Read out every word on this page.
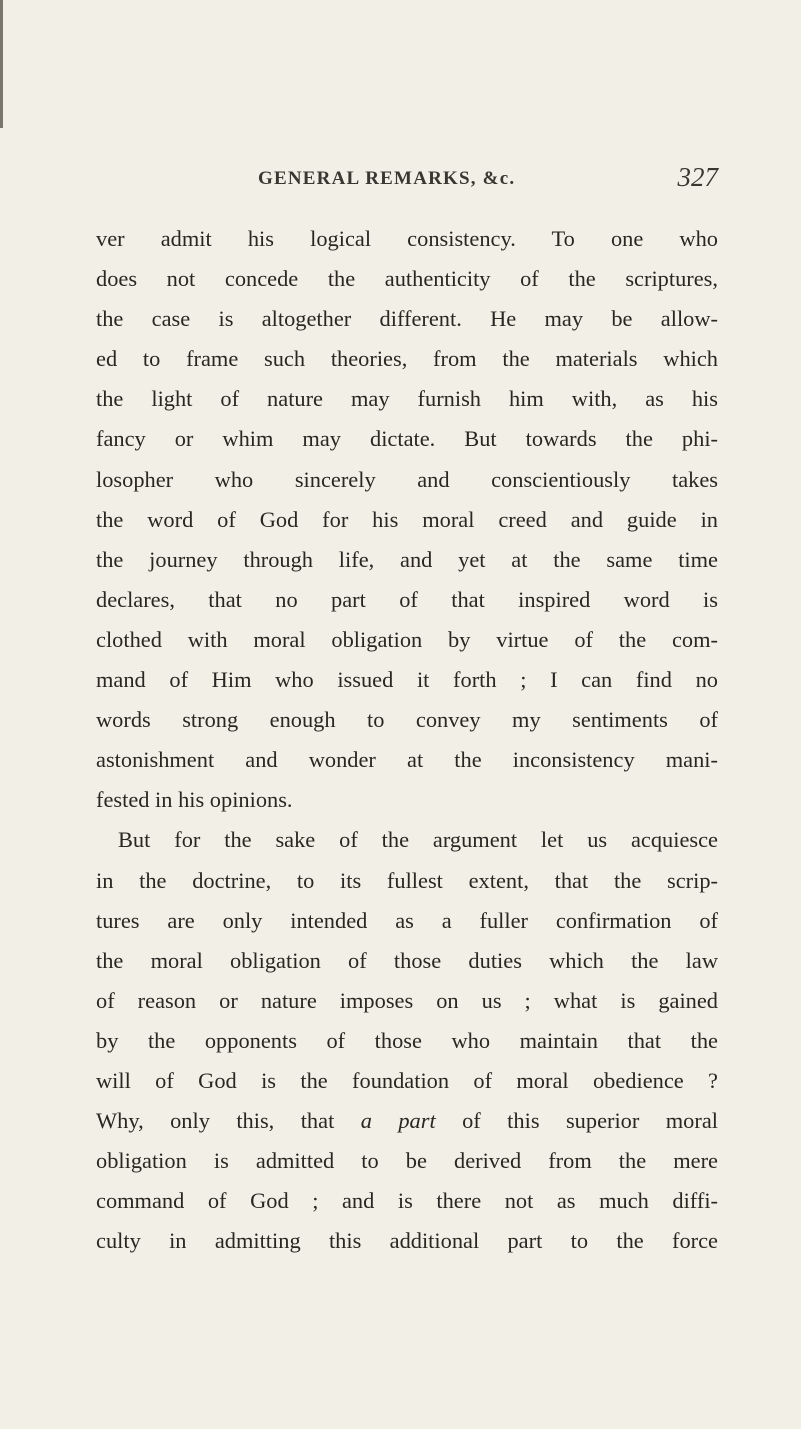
GENERAL REMARKS, &c.	327
ver admit his logical consistency. To one who
does not concede the authenticity of the scriptures,
the case is altogether different. He may be allow-
ed to frame such theories, from the materials which
the light of nature may furnish him with, as his
fancy or whim may dictate. But towards the phi-
losopher who sincerely and conscientiously takes
the word of God for his moral creed and guide in
the journey through life, and yet at the same time
declares, that no part of that inspired word is
clothed with moral obligation by virtue of the com-
mand of Him who issued it forth ; I can find no
words strong enough to convey my sentiments of
astonishment and wonder at the inconsistency mani-
fested in his opinions.
But for the sake of the argument let us acquiesce
in the doctrine, to its fullest extent, that the scrip-
tures are only intended as a fuller confirmation of
the moral obligation of those duties which the law
of reason or nature imposes on us ; what is gained
by the opponents of those who maintain that the
will of God is the foundation of moral obedience ?
Why, only this, that a part of this superior moral
obligation is admitted to be derived from the mere
command of God ; and is there not as much diffi-
culty in admitting this additional part to the force
